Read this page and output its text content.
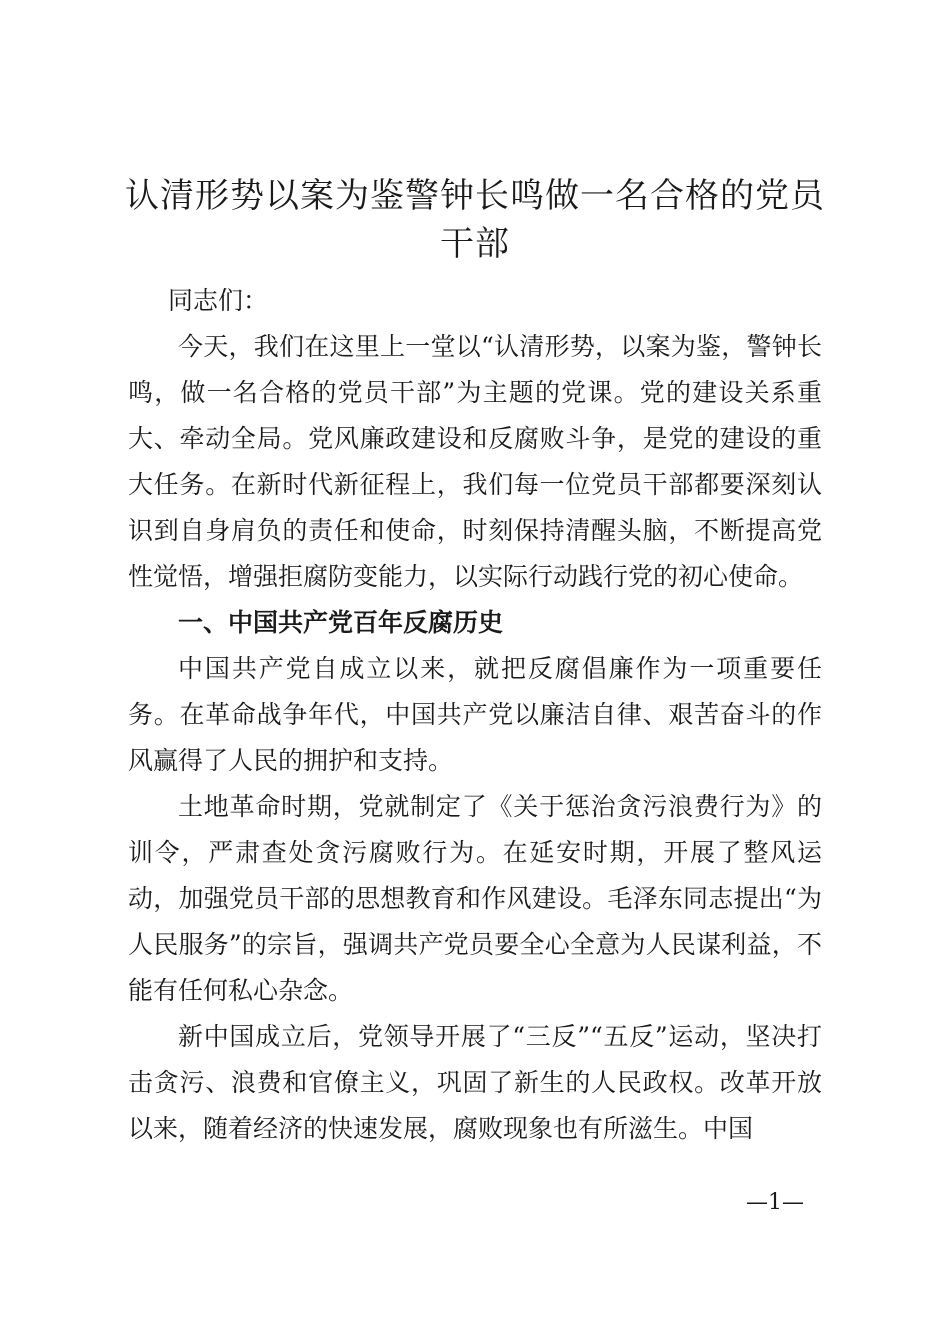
认清形势以案为鉴警钟长鸣做一名合格的党员干部

同志们：

今天，我们在这里上一堂以“认清形势，以案为鉴，警钟长鸣，做一名合格的党员干部”为主题的党课。党的建设关系重大、牵动全局。党风廉政建设和反腐败斗争，是党的建设的重大任务。在新时代新征程上，我们每一位党员干部都要深刻认识到自身肩负的责任和使命，时刻保持清醒头脑，不断提高党性觉悟，增强拒腐防变能力，以实际行动践行党的初心使命。

一、中国共产党百年反腐历史

中国共产党自成立以来，就把反腐倡廉作为一项重要任务。在革命战争年代，中国共产党以廉洁自律、艰苦奋斗的作风赢得了人民的拥护和支持。

土地革命时期，党就制定了《关于惩治贪污浪费行为》的训令，严肃查处贪污腐败行为。在延安时期，开展了整风运动，加强党员干部的思想教育和作风建设。毛泽东同志提出“为人民服务”的宗旨，强调共产党员要全心全意为人民谋利益，不能有任何私心杂念。

新中国成立后，党领导开展了“三反”“五反”运动，坚决打击贪污、浪费和官僚主义，巩固了新生的人民政权。改革开放以来，随着经济的快速发展，腐败现象也有所滋生。中国

—1—
